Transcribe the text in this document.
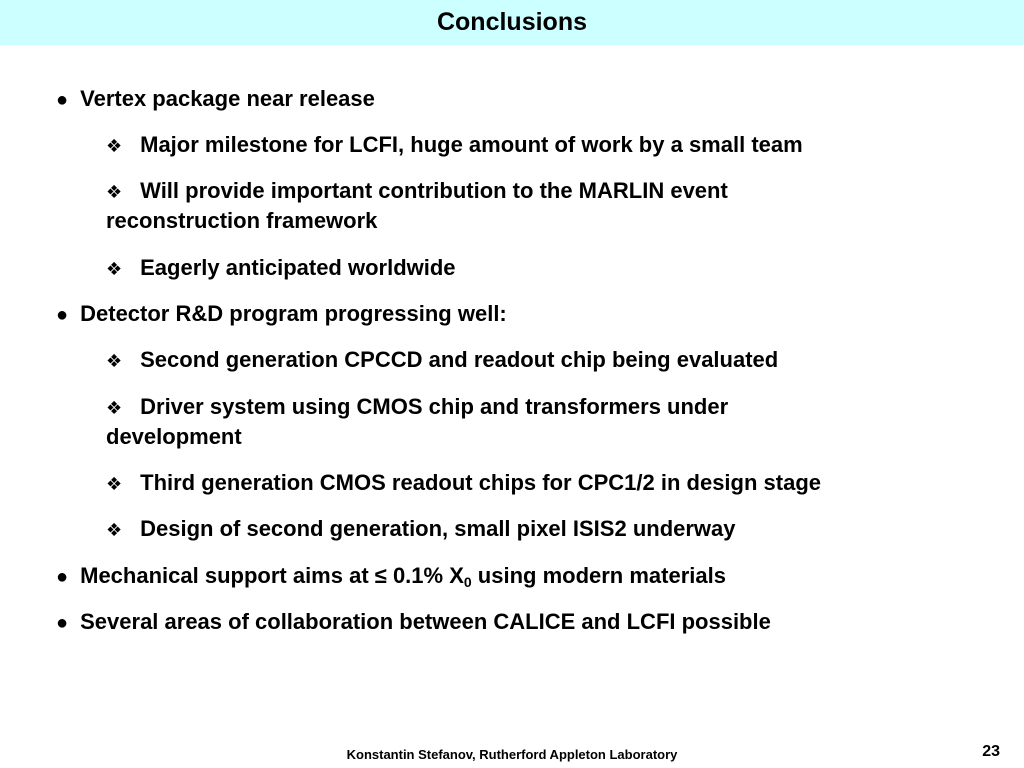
Conclusions
● Vertex package near release
❖ Major milestone for LCFI, huge amount of work by a small team
❖ Will provide important contribution to the MARLIN event
reconstruction framework
❖ Eagerly anticipated worldwide
● Detector R&D program progressing well:
❖ Second generation CPCCD and readout chip being evaluated
❖ Driver system using CMOS chip and transformers under
development
❖ Third generation CMOS readout chips for CPC1/2 in design stage
❖ Design of second generation, small pixel ISIS2 underway
● Mechanical support aims at ≤ 0.1% $X_0$ using modern materials
● Several areas of collaboration between CALICE and LCFI possible
Konstantin Stefanov, Rutherford Appleton Laboratory	23
